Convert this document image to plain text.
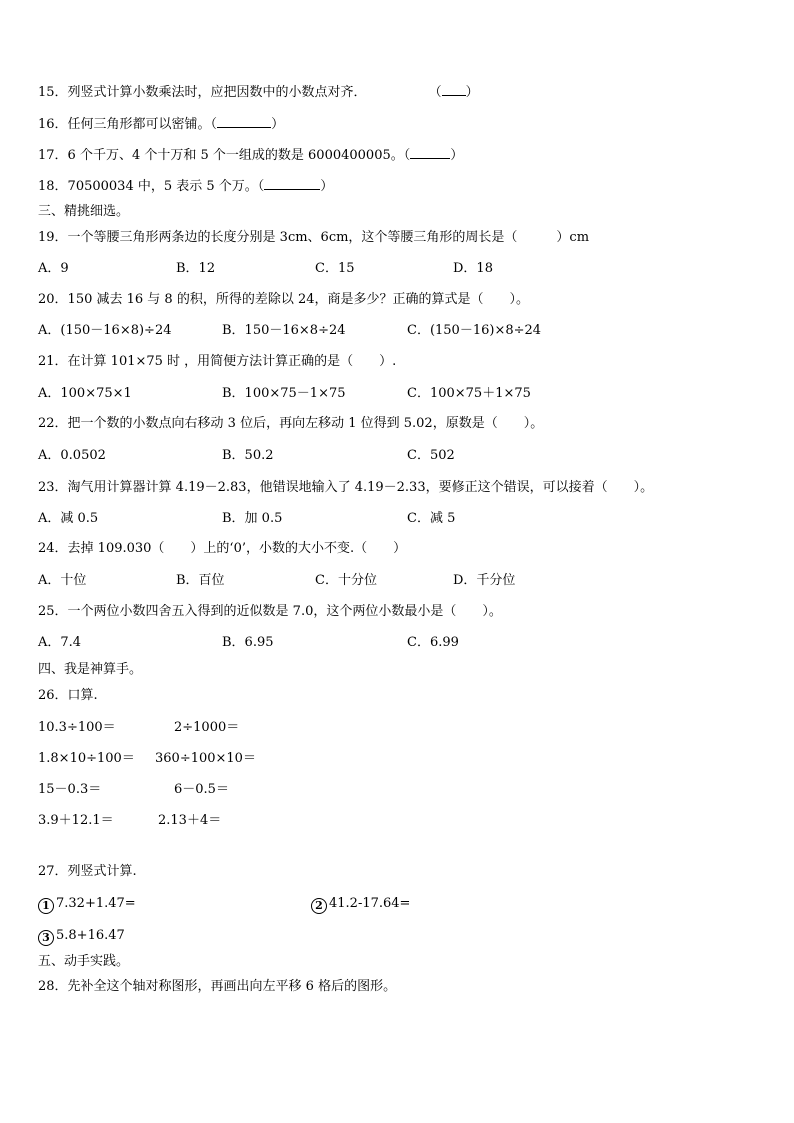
15．列竖式计算小数乘法时，应把因数中的小数点对齐．	（ ）
16．任何三角形都可以密铺。（	）
17．6 个千万、4 个十万和 5 个一组成的数是 6000400005。（	）
18．70500034 中，5 表示 5 个万。（	）
三、精挑细选。
19．一个等腰三角形两条边的长度分别是 3cm、6cm，这个等腰三角形的周长是（　　　）cm
A．9	B．12	C．15	D．18
20．150 减去 16 与 8 的积，所得的差除以 24，商是多少？正确的算式是（　　）。
A．(150－16×8)÷24	B．150－16×8÷24	C．(150－16)×8÷24
21．在计算 101×75 时 ，用简便方法计算正确的是（　　）.
A．100×75×1	B．100×75－1×75	C．100×75＋1×75
22．把一个数的小数点向右移动 3 位后，再向左移动 1 位得到 5.02，原数是（　　）。
A．0.0502	B．50.2	C．502
23．淘气用计算器计算 4.19－2.83，他错误地输入了 4.19－2.33，要修正这个错误，可以接着（　　）。
A．减 0.5	B．加 0.5	C．减 5
24．去掉 109.030（　　）上的‘0’，小数的大小不变.（　　）
A．十位	B．百位	C．十分位	D．千分位
25．一个两位小数四舍五入得到的近似数是 7.0，这个两位小数最小是（　　）。
A．7.4	B．6.95	C．6.99
四、我是神算手。
26．口算.
10.3÷100＝	2÷1000＝
1.8×10÷100＝ 360÷100×10＝
15－0.3＝	6－0.5＝
3.9＋12.1＝	2.13＋4＝
27．列竖式计算.
1 7.32+1.47=	2 41.2-17.64=
3 5.8+16.47
五、动手实践。
28．先补全这个轴对称图形，再画出向左平移 6 格后的图形。
